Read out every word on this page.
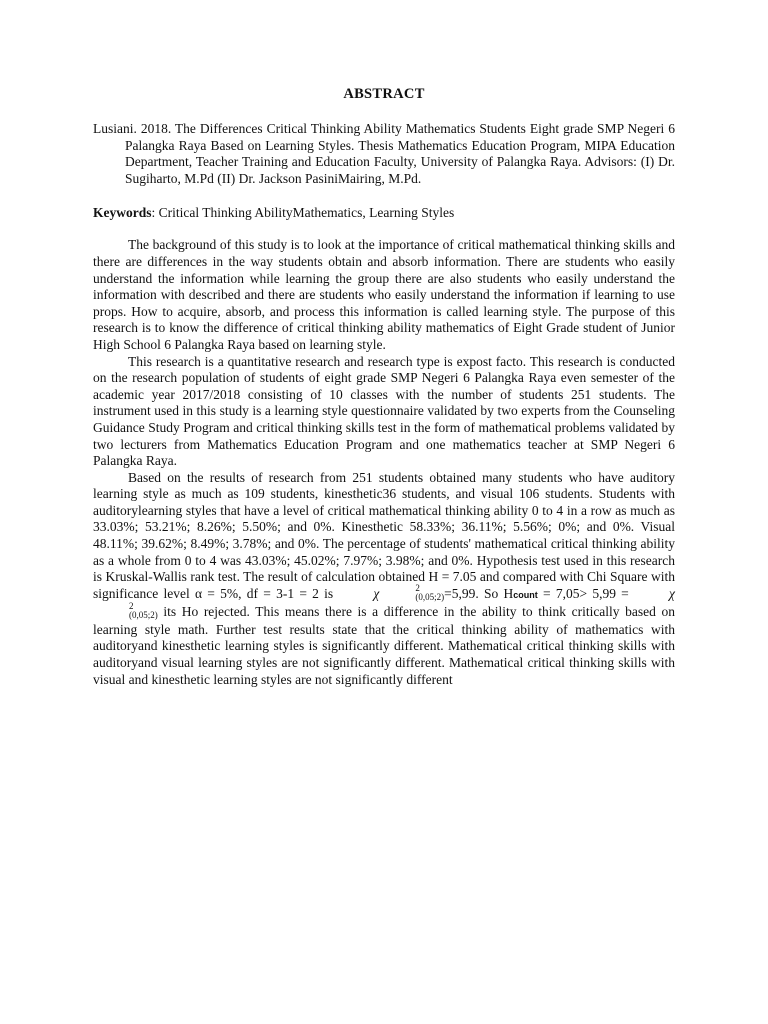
ABSTRACT

Lusiani. 2018. The Differences Critical Thinking Ability Mathematics Students Eight grade SMP Negeri 6 Palangka Raya Based on Learning Styles. Thesis Mathematics Education Program, MIPA Education Department, Teacher Training and Education Faculty, University of Palangka Raya. Advisors: (I) Dr. Sugiharto, M.Pd (II) Dr. Jackson PasiniMairing, M.Pd.

Keywords: Critical Thinking AbilityMathematics, Learning Styles

The background of this study is to look at the importance of critical mathematical thinking skills and there are differences in the way students obtain and absorb information. There are students who easily understand the information while learning the group there are also students who easily understand the information with described and there are students who easily understand the information if learning to use props. How to acquire, absorb, and process this information is called learning style. The purpose of this research is to know the difference of critical thinking ability mathematics of Eight Grade student of Junior High School 6 Palangka Raya based on learning style.

This research is a quantitative research and research type is expost facto. This research is conducted on the research population of students of eight grade SMP Negeri 6 Palangka Raya even semester of the academic year 2017/2018 consisting of 10 classes with the number of students 251 students. The instrument used in this study is a learning style questionnaire validated by two experts from the Counseling Guidance Study Program and critical thinking skills test in the form of mathematical problems validated by two lecturers from Mathematics Education Program and one mathematics teacher at SMP Negeri 6 Palangka Raya.

Based on the results of research from 251 students obtained many students who have auditory learning style as much as 109 students, kinesthetic36 students, and visual 106 students. Students with auditorylearning styles that have a level of critical mathematical thinking ability 0 to 4 in a row as much as 33.03%; 53.21%; 8.26%; 5.50%; and 0%. Kinesthetic 58.33%; 36.11%; 5.56%; 0%; and 0%. Visual 48.11%; 39.62%; 8.49%; 3.78%; and 0%. The percentage of students' mathematical critical thinking ability as a whole from 0 to 4 was 43.03%; 45.02%; 7.97%; 3.98%; and 0%. Hypothesis test used in this research is Kruskal-Wallis rank test. The result of calculation obtained H = 7.05 and compared with Chi Square with significance level α = 5%, df = 3-1 = 2 is	χ	2
(0,05;2) =5,99. So Hcount = 7,05> 5,99 =	χ
2
(0,05;2) its Ho rejected. This means there is a difference in the ability to think critically based on learning style math. Further test results state that the critical thinking ability of mathematics with auditoryand kinesthetic learning styles is significantly different. Mathematical critical thinking skills with auditoryand visual learning styles are not significantly different. Mathematical critical thinking skills with visual and kinesthetic learning styles are not significantly different
